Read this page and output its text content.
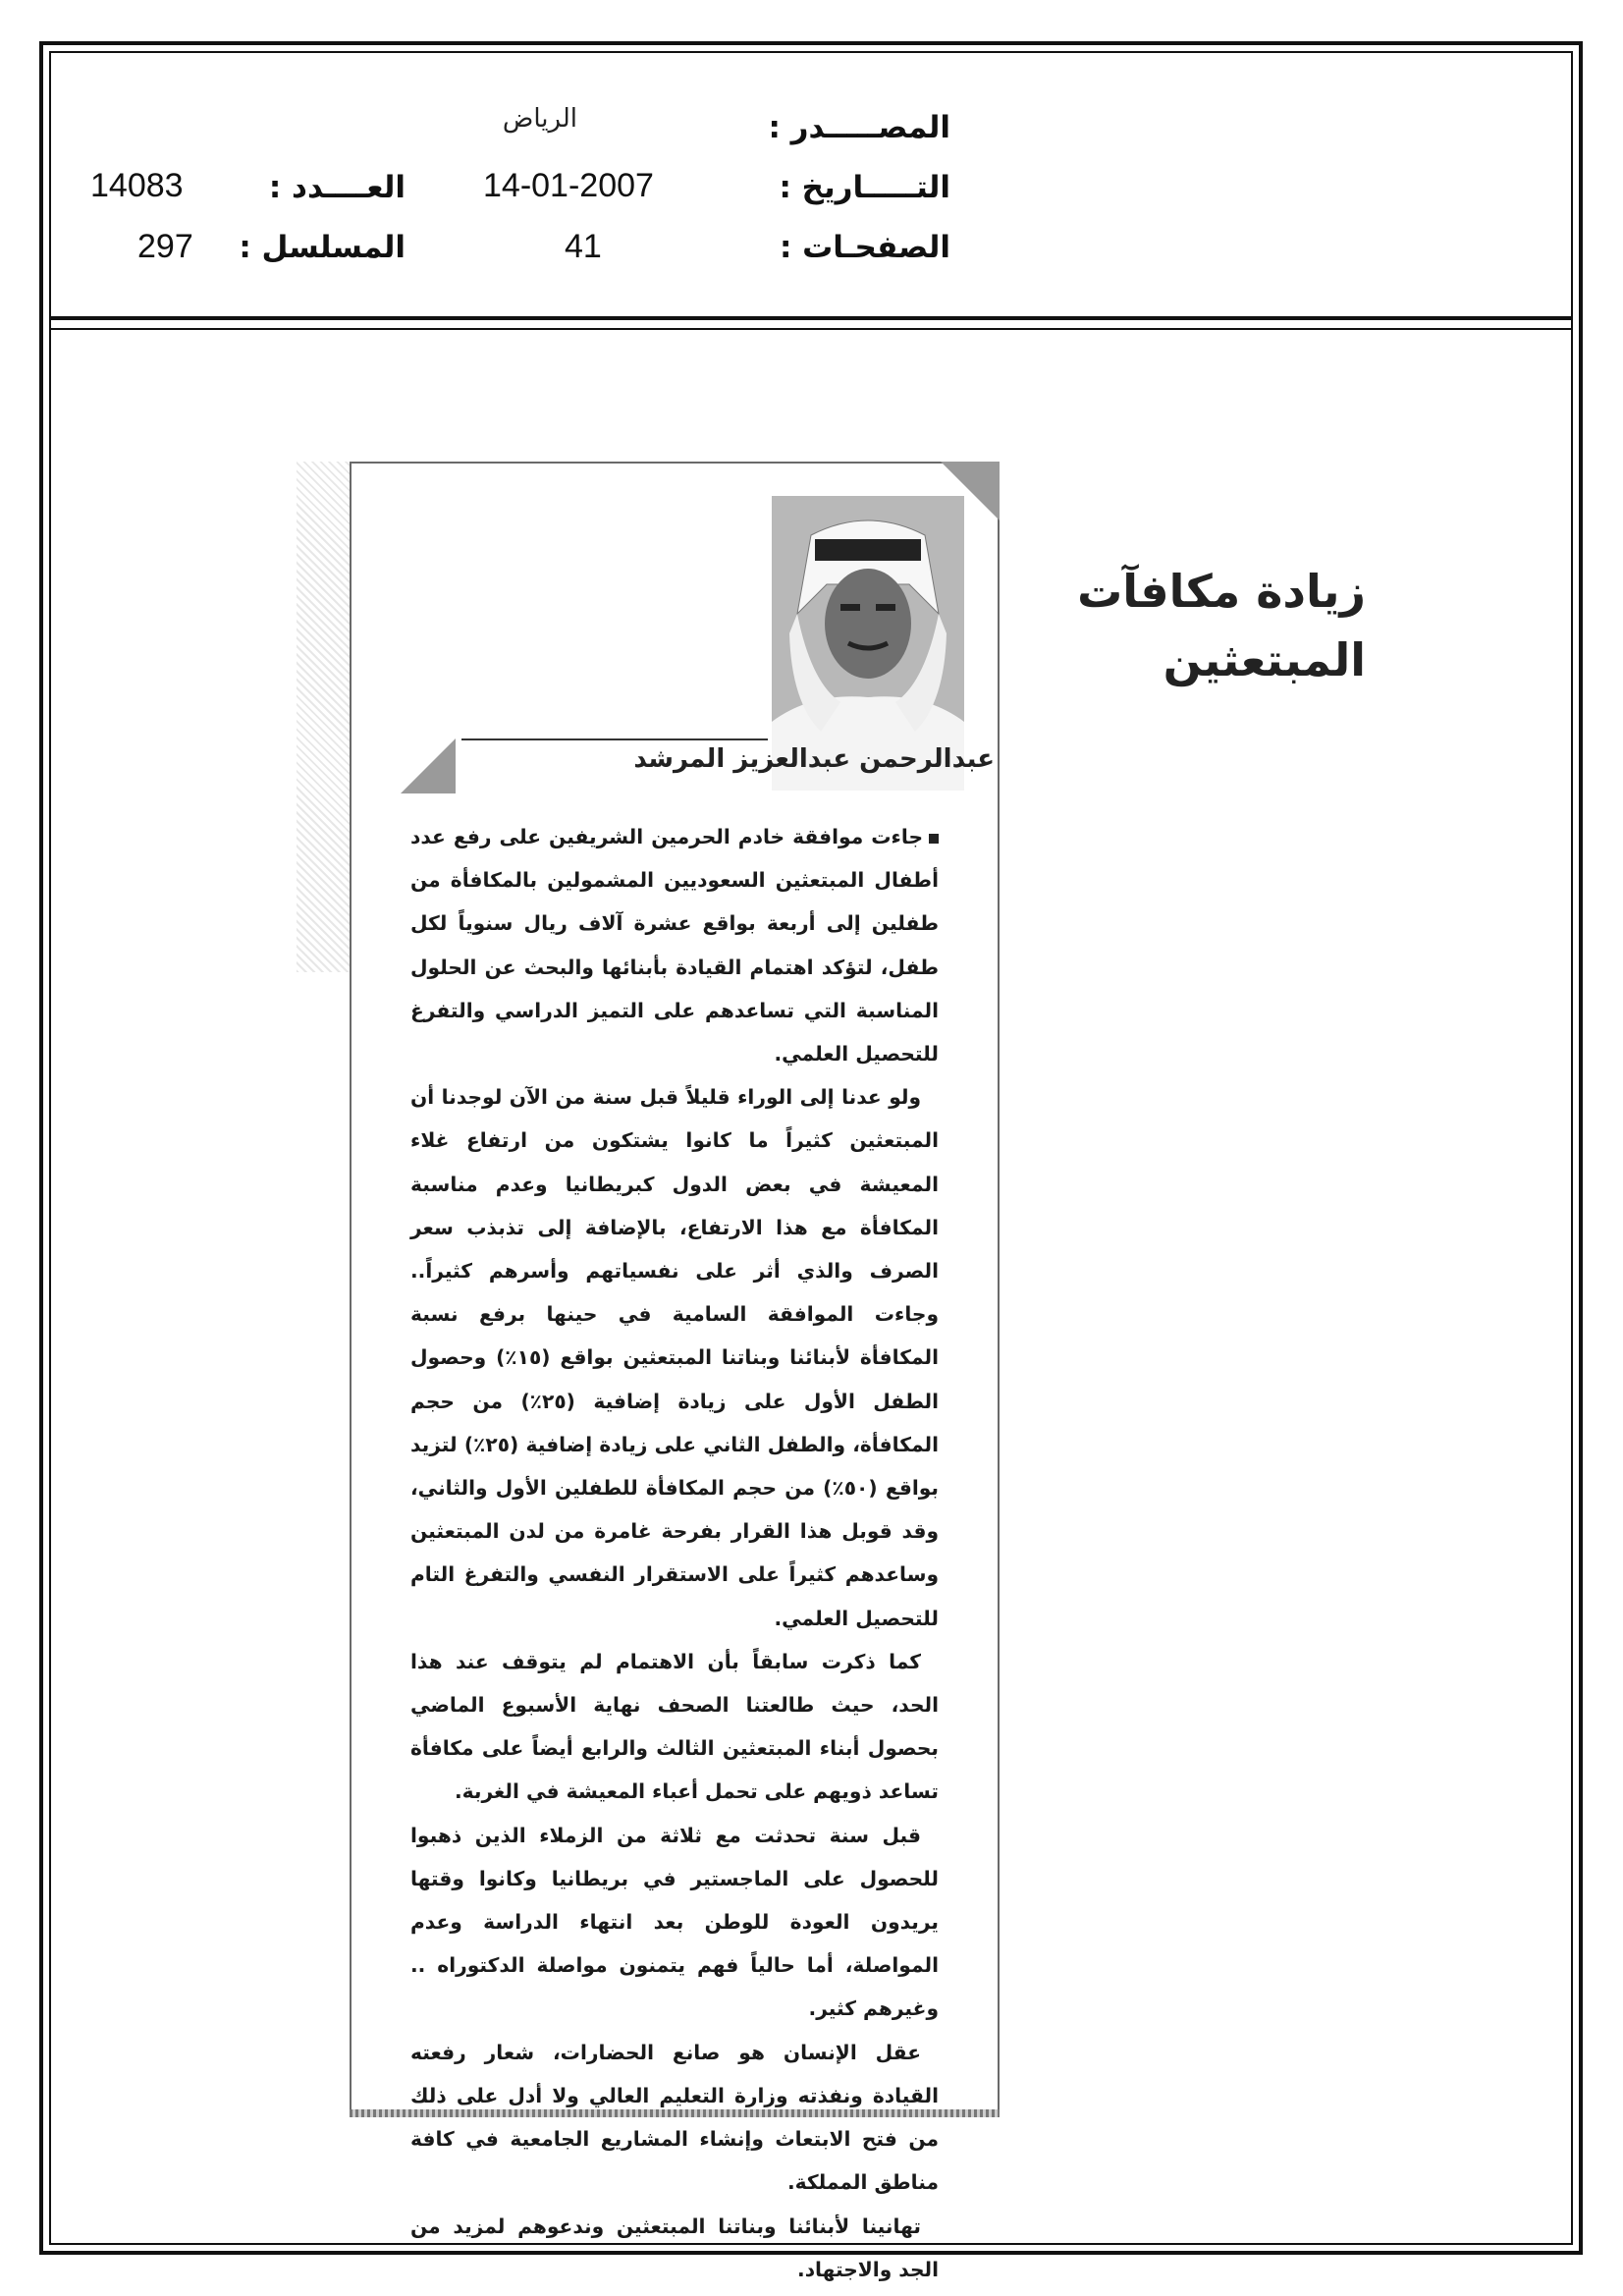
المصـــــدر :
الرياض
التـــــاريخ :
14-01-2007
الصفحـات :
41
العــــدد :
14083
المسلسل :
297
زيادة مكافآت
المبتعثين
عبدالرحمن عبدالعزيز المرشد

جاءت موافقة خادم الحرمين الشريفين على رفع عدد أطفال المبتعثين السعوديين المشمولين بالمكافأة من طفلين إلى أربعة بواقع عشرة آلاف ريال سنوياً لكل طفل، لتؤكد اهتمام القيادة بأبنائها والبحث عن الحلول المناسبة التي تساعدهم على التميز الدراسي والتفرغ للتحصيل العلمي.

ولو عدنا إلى الوراء قليلاً قبل سنة من الآن لوجدنا أن المبتعثين كثيراً ما كانوا يشتكون من ارتفاع غلاء المعيشة في بعض الدول كبريطانيا وعدم مناسبة المكافأة مع هذا الارتفاع، بالإضافة إلى تذبذب سعر الصرف والذي أثر على نفسياتهم وأسرهم كثيراً.. وجاءت الموافقة السامية في حينها برفع نسبة المكافأة لأبنائنا وبناتنا المبتعثين بواقع (١٥٪) وحصول الطفل الأول على زيادة إضافية (٢٥٪) من حجم المكافأة، والطفل الثاني على زيادة إضافية (٢٥٪) لتزيد بواقع (٥٠٪) من حجم المكافأة للطفلين الأول والثاني، وقد قوبل هذا القرار بفرحة غامرة من لدن المبتعثين وساعدهم كثيراً على الاستقرار النفسي والتفرغ التام للتحصيل العلمي.

كما ذكرت سابقاً بأن الاهتمام لم يتوقف عند هذا الحد، حيث طالعتنا الصحف نهاية الأسبوع الماضي بحصول أبناء المبتعثين الثالث والرابع أيضاً على مكافأة تساعد ذويهم على تحمل أعباء المعيشة في الغربة.

قبل سنة تحدثت مع ثلاثة من الزملاء الذين ذهبوا للحصول على الماجستير في بريطانيا وكانوا وقتها يريدون العودة للوطن بعد انتهاء الدراسة وعدم المواصلة، أما حالياً فهم يتمنون مواصلة الدكتوراه .. وغيرهم كثير.

عقل الإنسان هو صانع الحضارات، شعار رفعته القيادة ونفذته وزارة التعليم العالي ولا أدل على ذلك من فتح الابتعاث وإنشاء المشاريع الجامعية في كافة مناطق المملكة.

تهانينا لأبنائنا وبناتنا المبتعثين وندعوهم لمزيد من الجد والاجتهاد.
